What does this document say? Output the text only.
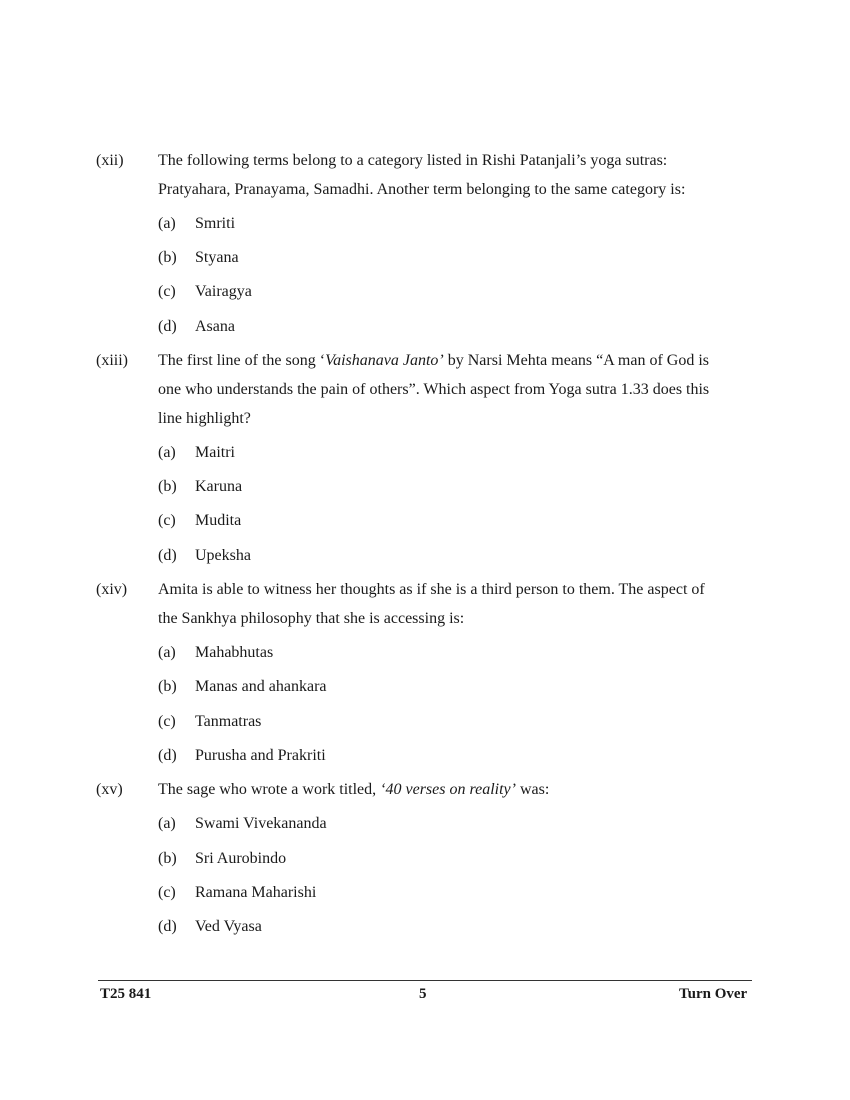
(xii) The following terms belong to a category listed in Rishi Patanjali’s yoga sutras: Pratyahara, Pranayama, Samadhi. Another term belonging to the same category is:
(a) Smriti
(b) Styana
(c) Vairagya
(d) Asana
(xiii) The first line of the song ‘Vaishanava Janto’ by Narsi Mehta means “A man of God is one who understands the pain of others”. Which aspect from Yoga sutra 1.33 does this line highlight?
(a) Maitri
(b) Karuna
(c) Mudita
(d) Upeksha
(xiv) Amita is able to witness her thoughts as if she is a third person to them. The aspect of the Sankhya philosophy that she is accessing is:
(a) Mahabhutas
(b) Manas and ahankara
(c) Tanmatras
(d) Purusha and Prakriti
(xv) The sage who wrote a work titled, ‘40 verses on reality’ was:
(a) Swami Vivekananda
(b) Sri Aurobindo
(c) Ramana Maharishi
(d) Ved Vyasa
T25 841	5	Turn Over
